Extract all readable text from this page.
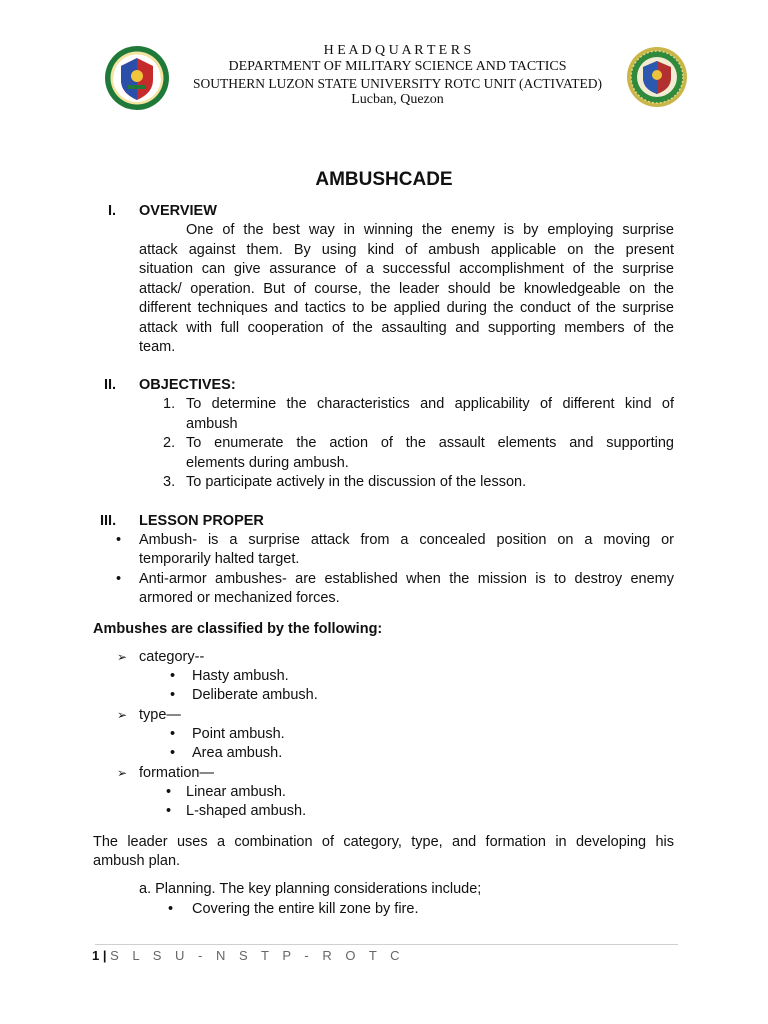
H E A D Q U A R T E R S
DEPARTMENT OF MILITARY SCIENCE AND TACTICS
SOUTHERN LUZON STATE UNIVERSITY ROTC UNIT (ACTIVATED)
Lucban, Quezon
AMBUSHCADE
I. OVERVIEW
One of the best way in winning the enemy is by employing surprise
attack against them. By using kind of ambush applicable on the present
situation can give assurance of a successful accomplishment of the surprise
attack/ operation. But of course, the leader should be knowledgeable on the
different techniques and tactics to be applied during the conduct of the surprise
attack with full cooperation of the assaulting and supporting members of the
team.
II. OBJECTIVES:
1. To determine the characteristics and applicability of different kind of
ambush
2. To enumerate the action of the assault elements and supporting
elements during ambush.
3. To participate actively in the discussion of the lesson.
III. LESSON PROPER
• Ambush- is a surprise attack from a concealed position on a moving or
temporarily halted target.
• Anti-armor ambushes- are established when the mission is to destroy enemy
armored or mechanized forces.
Ambushes are classified by the following:
➢ category--
• Hasty ambush.
• Deliberate ambush.
➢ type—
• Point ambush.
• Area ambush.
➢ formation—
• Linear ambush.
• L-shaped ambush.
The leader uses a combination of category, type, and formation in developing his
ambush plan.
a. Planning. The key planning considerations include;
• Covering the entire kill zone by fire.
1 | S L S U - N S T P - R O T C
